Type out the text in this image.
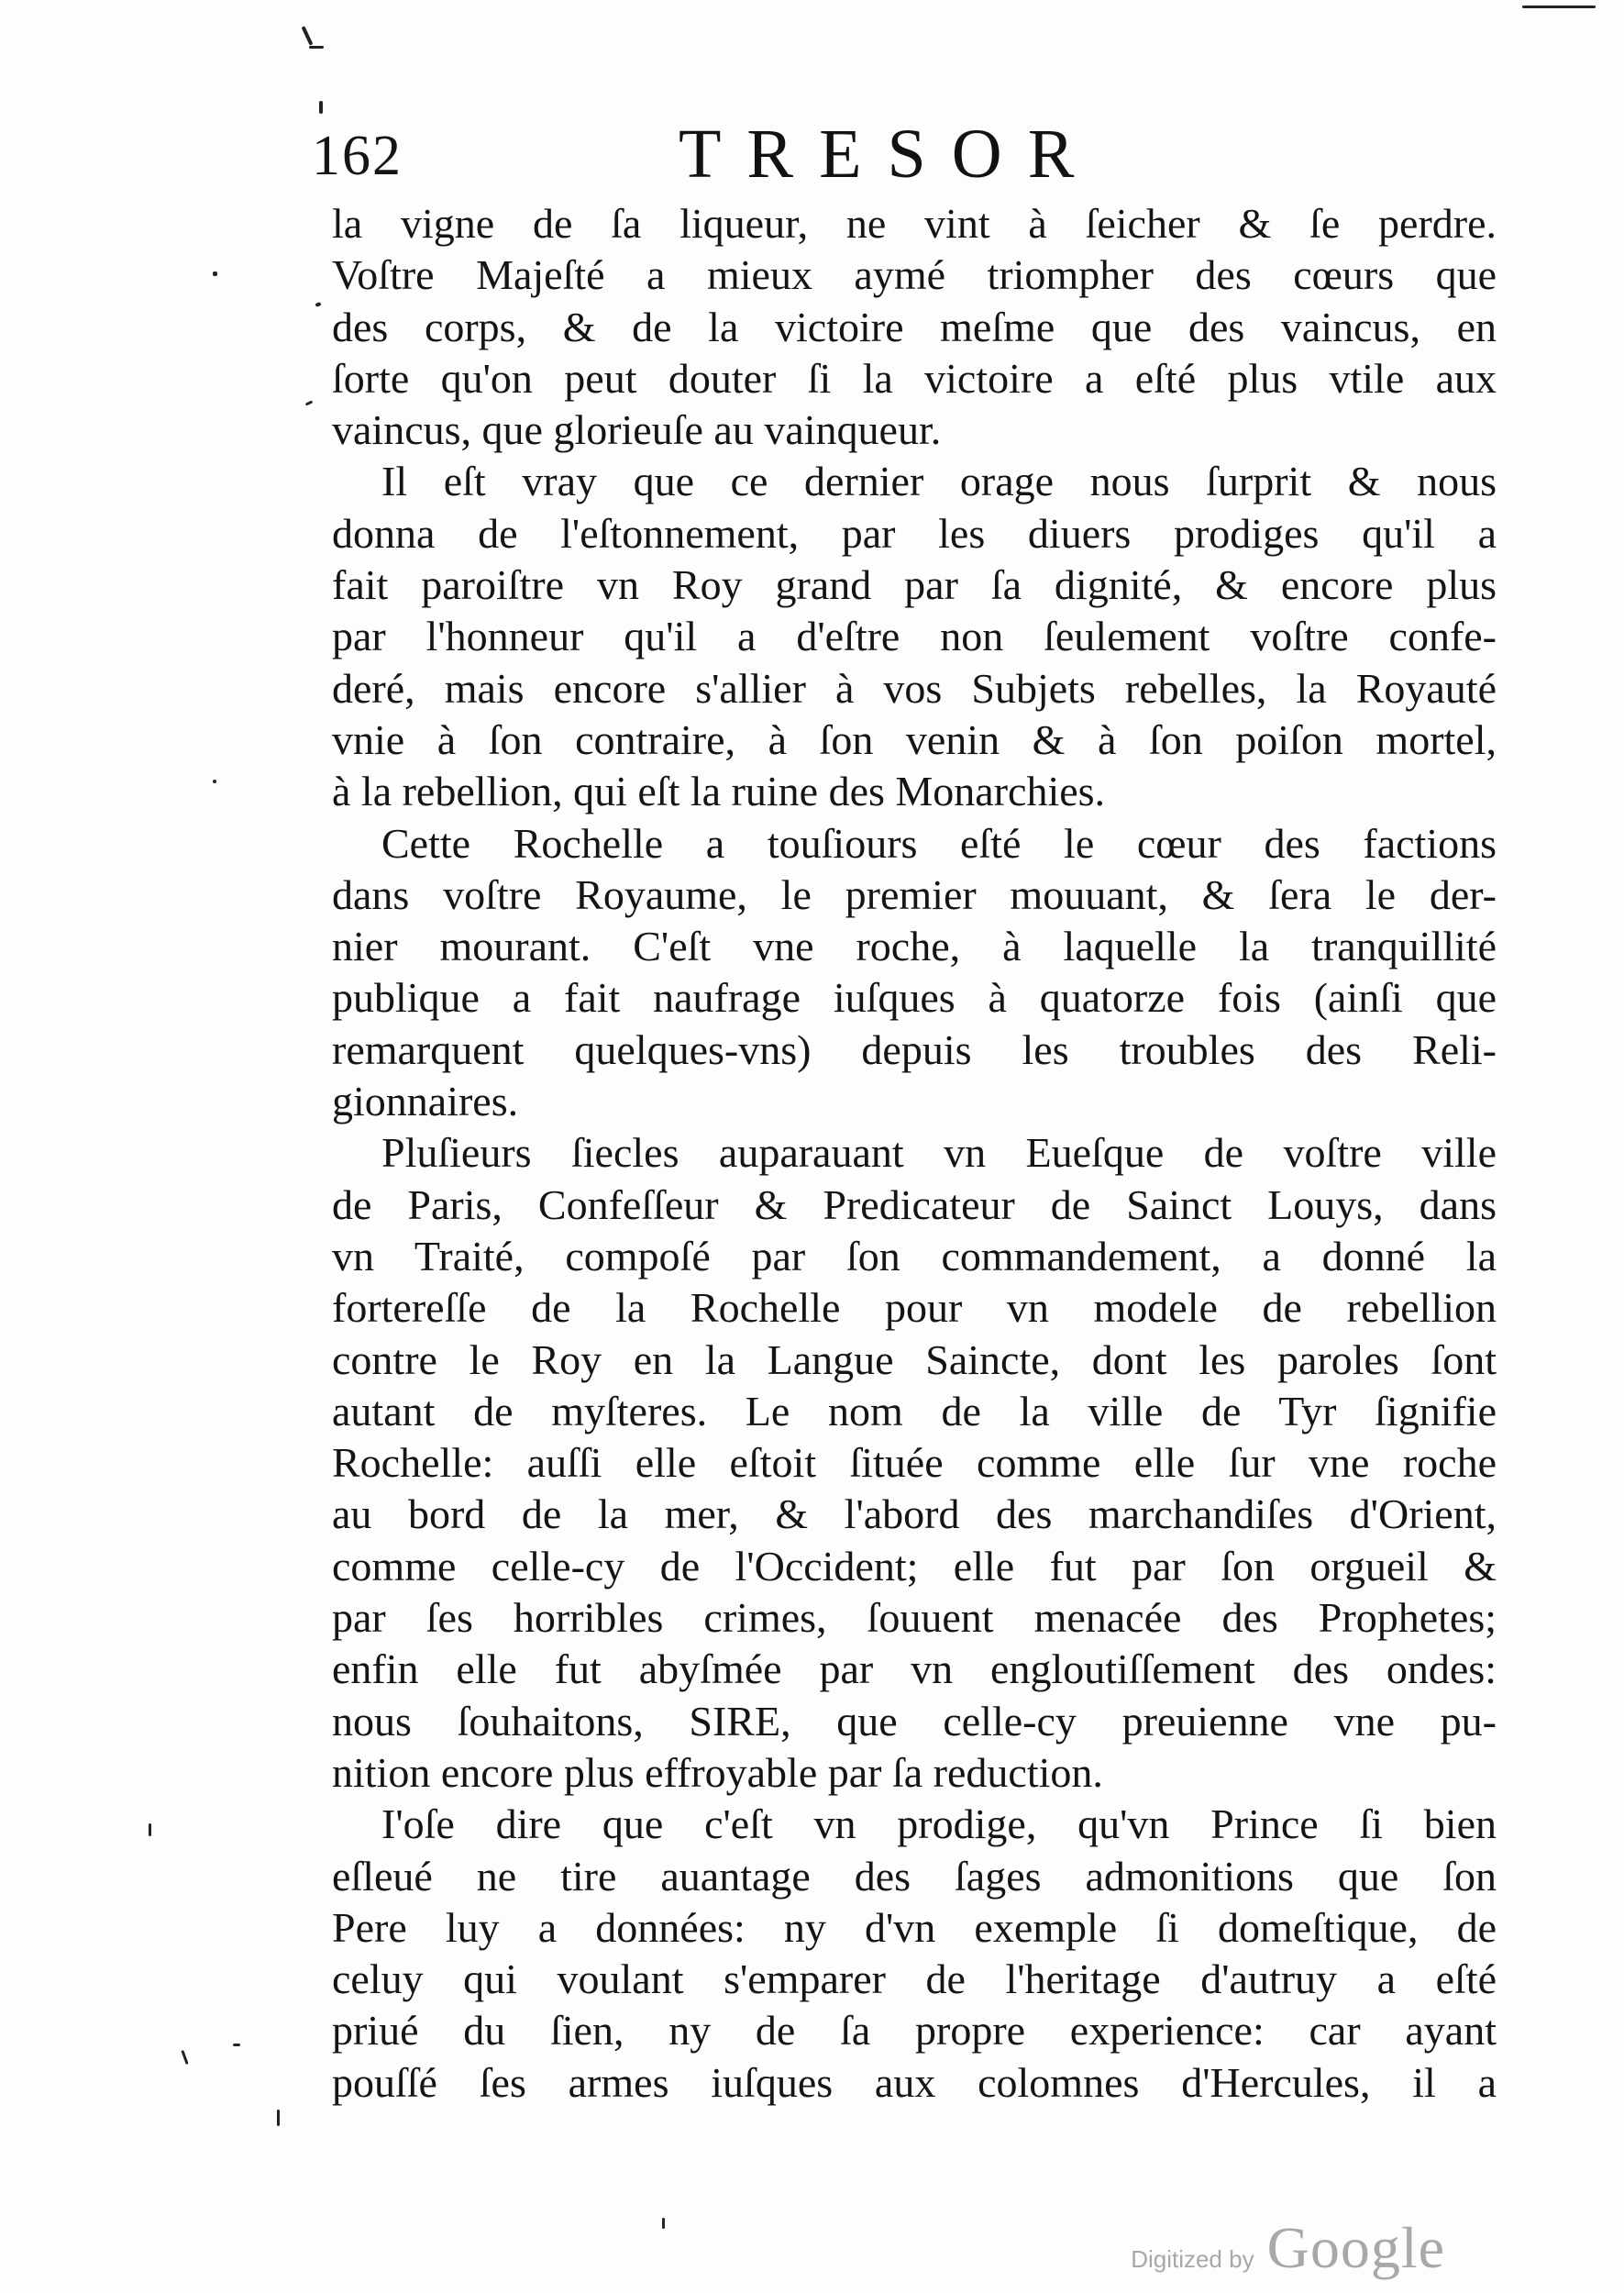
162	TRESOR
la vigne de ſa liqueur, ne vint à ſeicher & ſe perdre.
Voſtre Majeſté a mieux aymé triompher des cœurs que
des corps, & de la victoire meſme que des vaincus, en
ſorte qu'on peut douter ſi la victoire a eſté plus vtile aux
vaincus, que glorieuſe au vainqueur.
Il eſt vray que ce dernier orage nous ſurprit & nous
donna de l'eſtonnement, par les diuers prodiges qu'il a
fait paroiſtre vn Roy grand par ſa dignité, & encore plus
par l'honneur qu'il a d'eſtre non ſeulement voſtre confe-
deré, mais encore s'allier à vos Subjets rebelles, la Royauté
vnie à ſon contraire, à ſon venin & à ſon poiſon mortel,
à la rebellion, qui eſt la ruine des Monarchies.
Cette Rochelle a touſiours eſté le cœur des factions
dans voſtre Royaume, le premier mouuant, & ſera le der-
nier mourant. C'eſt vne roche, à laquelle la tranquillité
publique a fait naufrage iuſques à quatorze fois (ainſi que
remarquent quelques-vns) depuis les troubles des Reli-
gionnaires.
Pluſieurs ſiecles auparauant vn Eueſque de voſtre ville
de Paris, Confeſſeur & Predicateur de Sainct Louys, dans
vn Traité, compoſé par ſon commandement, a donné la
fortereſſe de la Rochelle pour vn modele de rebellion
contre le Roy en la Langue Saincte, dont les paroles ſont
autant de myſteres. Le nom de la ville de Tyr ſignifie
Rochelle: auſſi elle eſtoit ſituée comme elle ſur vne roche
au bord de la mer, & l'abord des marchandiſes d'Orient,
comme celle-cy de l'Occident; elle fut par ſon orgueil &
par ſes horribles crimes, ſouuent menacée des Prophetes;
enfin elle fut abyſmée par vn engloutiſſement des ondes:
nous ſouhaitons, SIRE, que celle-cy preuienne vne pu-
nition encore plus effroyable par ſa reduction.
I'oſe dire que c'eſt vn prodige, qu'vn Prince ſi bien
eſleué ne tire auantage des ſages admonitions que ſon
Pere luy a données: ny d'vn exemple ſi domeſtique, de
celuy qui voulant s'emparer de l'heritage d'autruy a eſté
priué du ſien, ny de ſa propre experience: car ayant
pouſſé ſes armes iuſques aux colomnes d'Hercules, il a
Digitized by Google
